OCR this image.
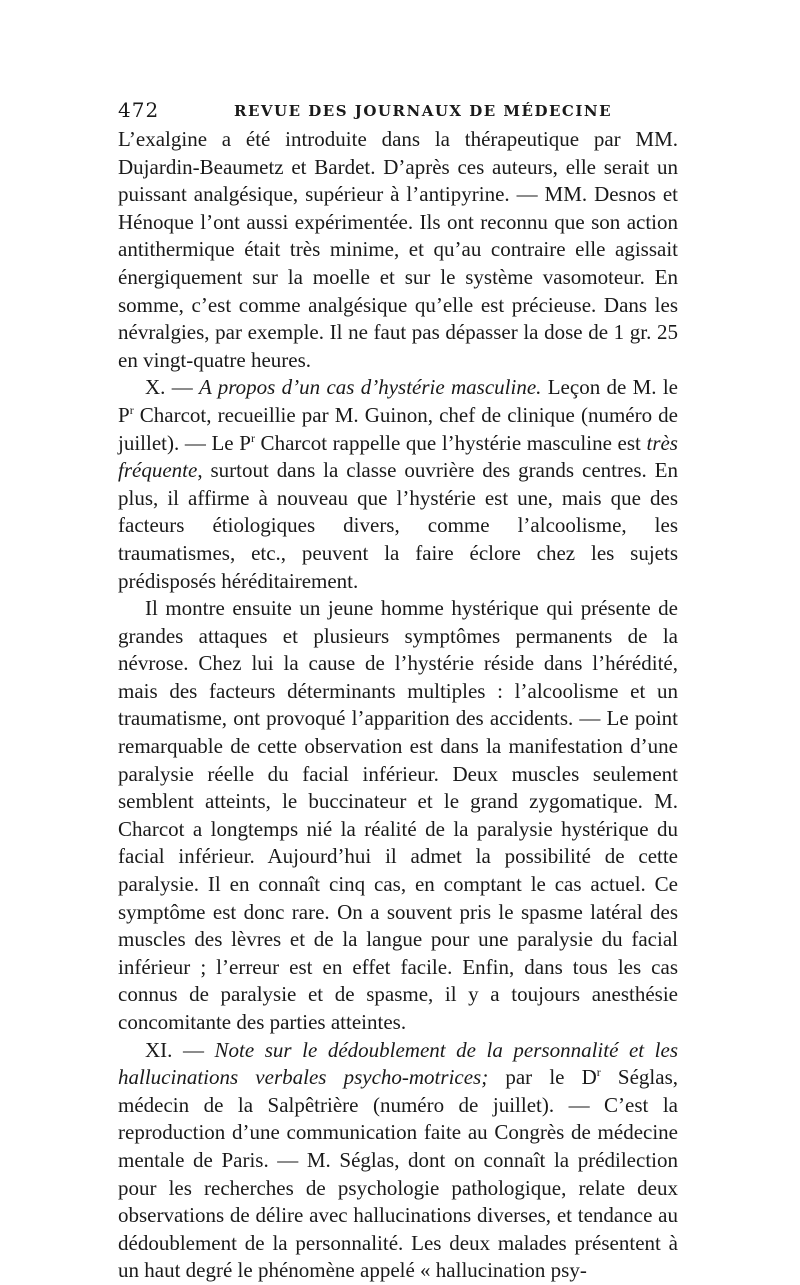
472	REVUE DES JOURNAUX DE MÉDECINE

L’exalgine a été introduite dans la thérapeutique par MM. Dujardin-Beaumetz et Bardet. D’après ces auteurs, elle serait un puissant analgésique, supérieur à l’antipyrine. — MM. Desnos et Hénoque l’ont aussi expérimentée. Ils ont reconnu que son action antithermique était très minime, et qu’au contraire elle agissait énergiquement sur la moelle et sur le système vasomoteur. En somme, c’est comme analgésique qu’elle est précieuse. Dans les névralgies, par exemple. Il ne faut pas dépasser la dose de 1 gr. 25 en vingt-quatre heures.

X. — A propos d’un cas d’hystérie masculine. Leçon de M. le $P^r$ Charcot, recueillie par M. Guinon, chef de clinique (numéro de juillet). — Le $P^r$ Charcot rappelle que l’hystérie masculine est très fréquente, surtout dans la classe ouvrière des grands centres. En plus, il affirme à nouveau que l’hystérie est une, mais que des facteurs étiologiques divers, comme l’alcoolisme, les traumatismes, etc., peuvent la faire éclore chez les sujets prédisposés héréditairement.

Il montre ensuite un jeune homme hystérique qui présente de grandes attaques et plusieurs symptômes permanents de la névrose. Chez lui la cause de l’hystérie réside dans l’hérédité, mais des facteurs déterminants multiples : l’alcoolisme et un traumatisme, ont provoqué l’apparition des accidents. — Le point remarquable de cette observation est dans la manifestation d’une paralysie réelle du facial inférieur. Deux muscles seulement semblent atteints, le buccinateur et le grand zygomatique. M. Charcot a longtemps nié la réalité de la paralysie hystérique du facial inférieur. Aujourd’hui il admet la possibilité de cette paralysie. Il en connaît cinq cas, en comptant le cas actuel. Ce symptôme est donc rare. On a souvent pris le spasme latéral des muscles des lèvres et de la langue pour une paralysie du facial inférieur ; l’erreur est en effet facile. Enfin, dans tous les cas connus de paralysie et de spasme, il y a toujours anesthésie concomitante des parties atteintes.

XI. — Note sur le dédoublement de la personnalité et les hallucinations verbales psycho-motrices; par le $D^r$ Séglas, médecin de la Salpêtrière (numéro de juillet). — C’est la reproduction d’une communication faite au Congrès de médecine mentale de Paris. — M. Séglas, dont on connaît la prédilection pour les recherches de psychologie pathologique, relate deux observations de délire avec hallucinations diverses, et tendance au dédoublement de la personnalité. Les deux malades présentent à un haut degré le phénomène appelé « hallucination psy-
